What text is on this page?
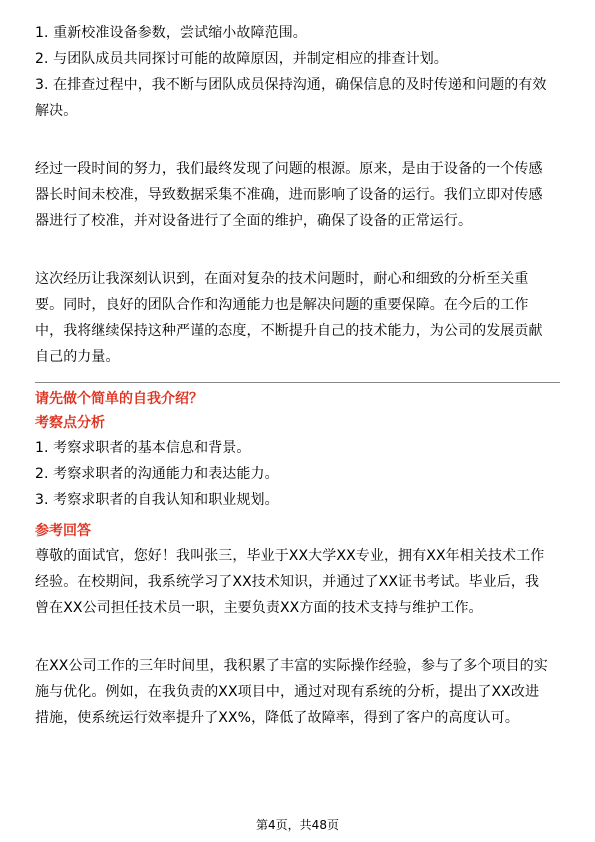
1. 重新校准设备参数，尝试缩小故障范围。

2. 与团队成员共同探讨可能的故障原因，并制定相应的排查计划。

3. 在排查过程中，我不断与团队成员保持沟通，确保信息的及时传递和问题的有效

解决。

经过一段时间的努力，我们最终发现了问题的根源。原来，是由于设备的一个传感

器长时间未校准，导致数据采集不准确，进而影响了设备的运行。我们立即对传感

器进行了校准，并对设备进行了全面的维护，确保了设备的正常运行。

这次经历让我深刻认识到，在面对复杂的技术问题时，耐心和细致的分析至关重

要。同时，良好的团队合作和沟通能力也是解决问题的重要保障。在今后的工作

中，我将继续保持这种严谨的态度，不断提升自己的技术能力，为公司的发展贡献

自己的力量。

请先做个简单的自我介绍？

考察点分析

1. 考察求职者的基本信息和背景。

2. 考察求职者的沟通能力和表达能力。

3. 考察求职者的自我认知和职业规划。

参考回答

尊敬的面试官，您好！我叫张三，毕业于XX大学XX专业，拥有XX年相关技术工作

经验。在校期间，我系统学习了XX技术知识，并通过了XX证书考试。毕业后，我

曾在XX公司担任技术员一职，主要负责XX方面的技术支持与维护工作。

在XX公司工作的三年时间里，我积累了丰富的实际操作经验，参与了多个项目的实

施与优化。例如，在我负责的XX项目中，通过对现有系统的分析，提出了XX改进

措施，使系统运行效率提升了XX%，降低了故障率，得到了客户的高度认可。

第4页，共48页
